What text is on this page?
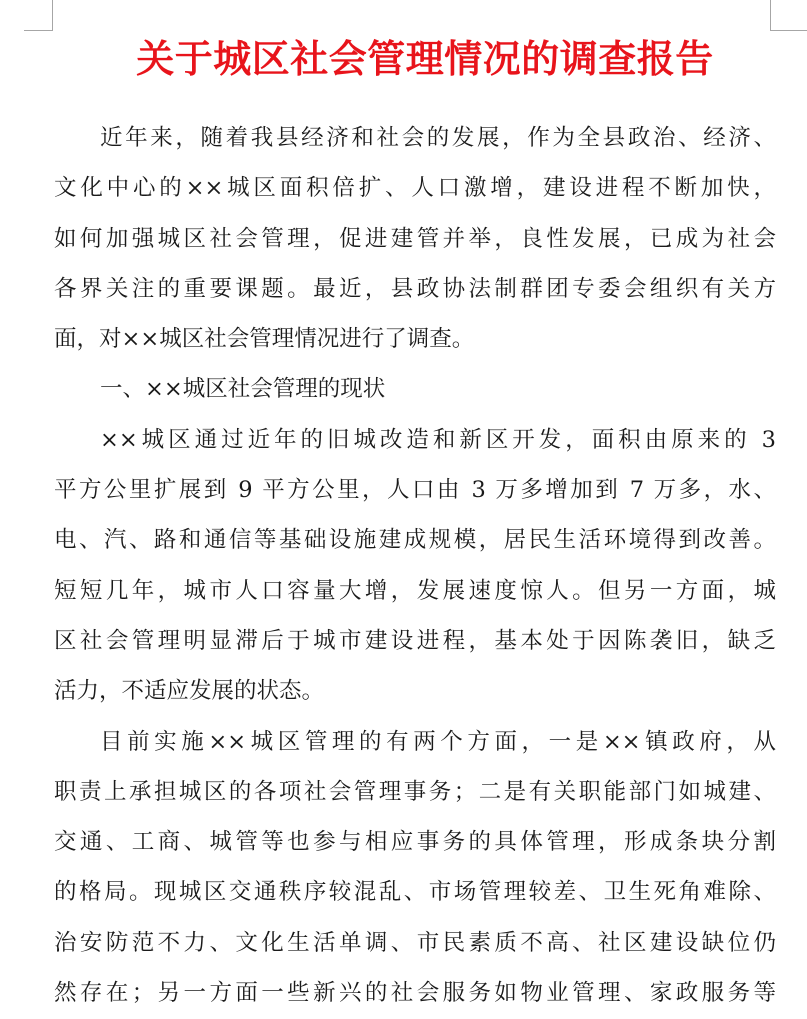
关于城区社会管理情况的调查报告
近年来，随着我县经济和社会的发展，作为全县政治、经济、
文化中心的××城区面积倍扩、人口激增，建设进程不断加快，
如何加强城区社会管理，促进建管并举，良性发展，已成为社会
各界关注的重要课题。最近，县政协法制群团专委会组织有关方
面，对××城区社会管理情况进行了调查。
一、××城区社会管理的现状
××城区通过近年的旧城改造和新区开发，面积由原来的 3
平方公里扩展到 9 平方公里，人口由 3 万多增加到 7 万多，水、
电、汽、路和通信等基础设施建成规模，居民生活环境得到改善。
短短几年，城市人口容量大增，发展速度惊人。但另一方面，城
区社会管理明显滞后于城市建设进程，基本处于因陈袭旧，缺乏
活力，不适应发展的状态。
目前实施××城区管理的有两个方面，一是××镇政府，从
职责上承担城区的各项社会管理事务；二是有关职能部门如城建、
交通、工商、城管等也参与相应事务的具体管理，形成条块分割
的格局。现城区交通秩序较混乱、市场管理较差、卫生死角难除、
治安防范不力、文化生活单调、市民素质不高、社区建设缺位仍
然存在；另一方面一些新兴的社会服务如物业管理、家政服务等
